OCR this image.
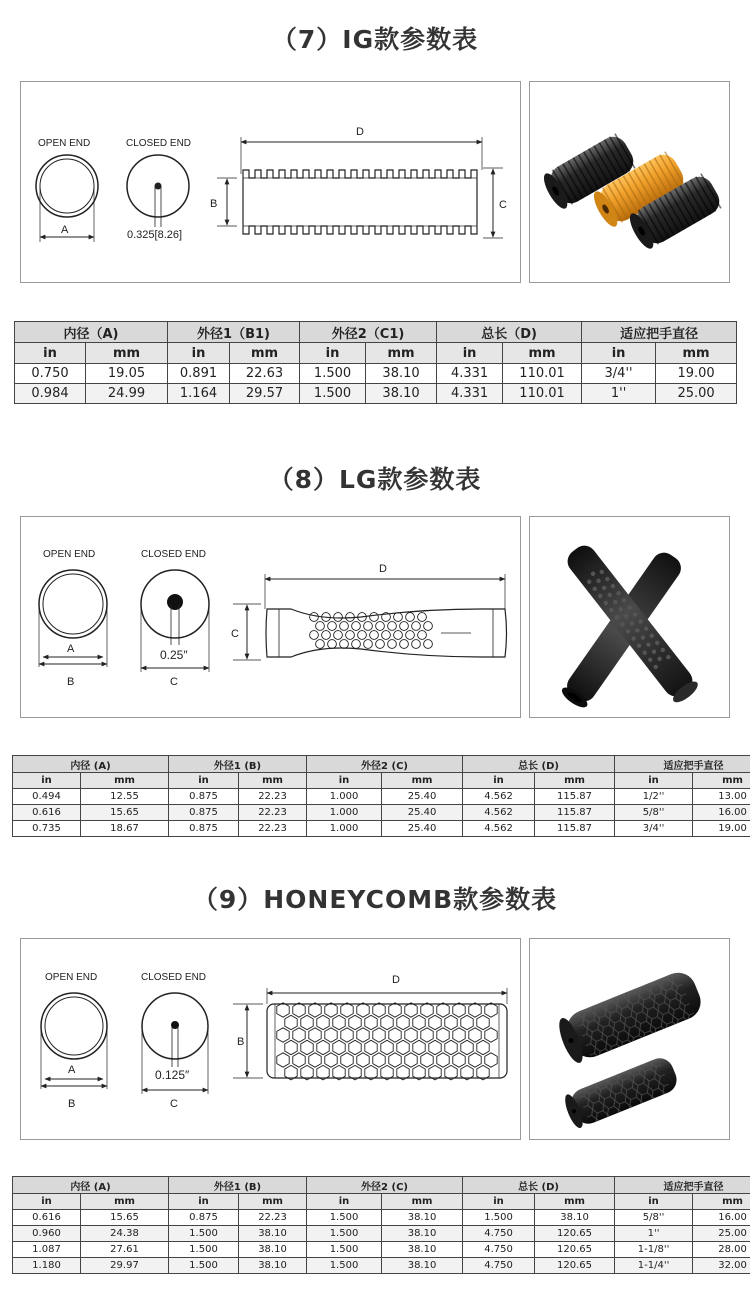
（7）IG款参数表
OPEN END
A
CLOSED END
0.325[8.26]
D
B	C
内径（A)		外径1（B1)		外径2（C1)		总长（D)		适应把手直径	
in	mm	in	mm	in	mm	in	mm	in	mm
0.750	19.05	0.891	22.63	1.500	38.10	4.331	110.01	3/4''	19.00
0.984	24.99	1.164	29.57	1.500	38.10	4.331	110.01	1''	25.00
（8）LG款参数表
OPEN END
A
B
CLOSED END
0.25″
C
D
C
内径 (A)		外径1 (B)		外径2 (C)		总长 (D)		适应把手直径	
in	mm	in	mm	in	mm	in	mm	in	mm
0.494	12.55	0.875	22.23	1.000	25.40	4.562	115.87	1/2''	13.00
0.616	15.65	0.875	22.23	1.000	25.40	4.562	115.87	5/8''	16.00
0.735	18.67	0.875	22.23	1.000	25.40	4.562	115.87	3/4''	19.00
（9）HONEYCOMB款参数表
OPEN END
A
B
CLOSED END
0.125″
C
D
B
内径 (A)		外径1 (B)		外径2 (C)		总长 (D)		适应把手直径	
in	mm	in	mm	in	mm	in	mm	in	mm
0.616	15.65	0.875	22.23	1.500	38.10	1.500	38.10	5/8''	16.00
0.960	24.38	1.500	38.10	1.500	38.10	4.750	120.65	1''	25.00
1.087	27.61	1.500	38.10	1.500	38.10	4.750	120.65	1-1/8''	28.00
1.180	29.97	1.500	38.10	1.500	38.10	4.750	120.65	1-1/4''	32.00
